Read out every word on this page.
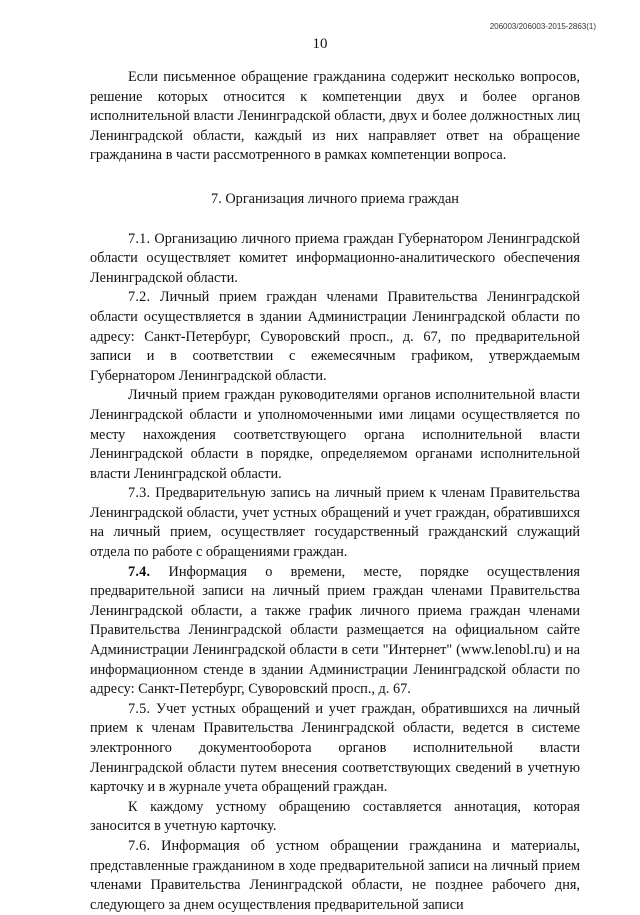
206003/206003-2015-2863(1)
10

Если письменное обращение гражданина содержит несколько вопросов, решение которых относится к компетенции двух и более органов исполнительной власти Ленинградской области, двух и более должностных лиц Ленинградской области, каждый из них направляет ответ на обращение гражданина в части рассмотренного в рамках компетенции вопроса.

7. Организация личного приема граждан

7.1. Организацию личного приема граждан Губернатором Ленинградской области осуществляет комитет информационно-аналитического обеспечения Ленинградской области.

7.2. Личный прием граждан членами Правительства Ленинградской области осуществляется в здании Администрации Ленинградской области по адресу: Санкт-Петербург, Суворовский просп., д. 67, по предварительной записи и в соответствии с ежемесячным графиком, утверждаемым Губернатором Ленинградской области.

Личный прием граждан руководителями органов исполнительной власти Ленинградской области и уполномоченными ими лицами осуществляется по месту нахождения соответствующего органа исполнительной власти Ленинградской области в порядке, определяемом органами исполнительной власти Ленинградской области.

7.3. Предварительную запись на личный прием к членам Правительства Ленинградской области, учет устных обращений и учет граждан, обратившихся на личный прием, осуществляет государственный гражданский служащий отдела по работе с обращениями граждан.

7.4. Информация о времени, месте, порядке осуществления предварительной записи на личный прием граждан членами Правительства Ленинградской области, а также график личного приема граждан членами Правительства Ленинградской области размещается на официальном сайте Администрации Ленинградской области в сети "Интернет" (www.lenobl.ru) и на информационном стенде в здании Администрации Ленинградской области по адресу: Санкт-Петербург, Суворовский просп., д. 67.

7.5. Учет устных обращений и учет граждан, обратившихся на личный прием к членам Правительства Ленинградской области, ведется в системе электронного документооборота органов исполнительной власти Ленинградской области путем внесения соответствующих сведений в учетную карточку и в журнале учета обращений граждан.

К каждому устному обращению составляется аннотация, которая заносится в учетную карточку.

7.6. Информация об устном обращении гражданина и материалы, представленные гражданином в ходе предварительной записи на личный прием членами Правительства Ленинградской области, не позднее рабочего дня, следующего за днем осуществления предварительной записи
